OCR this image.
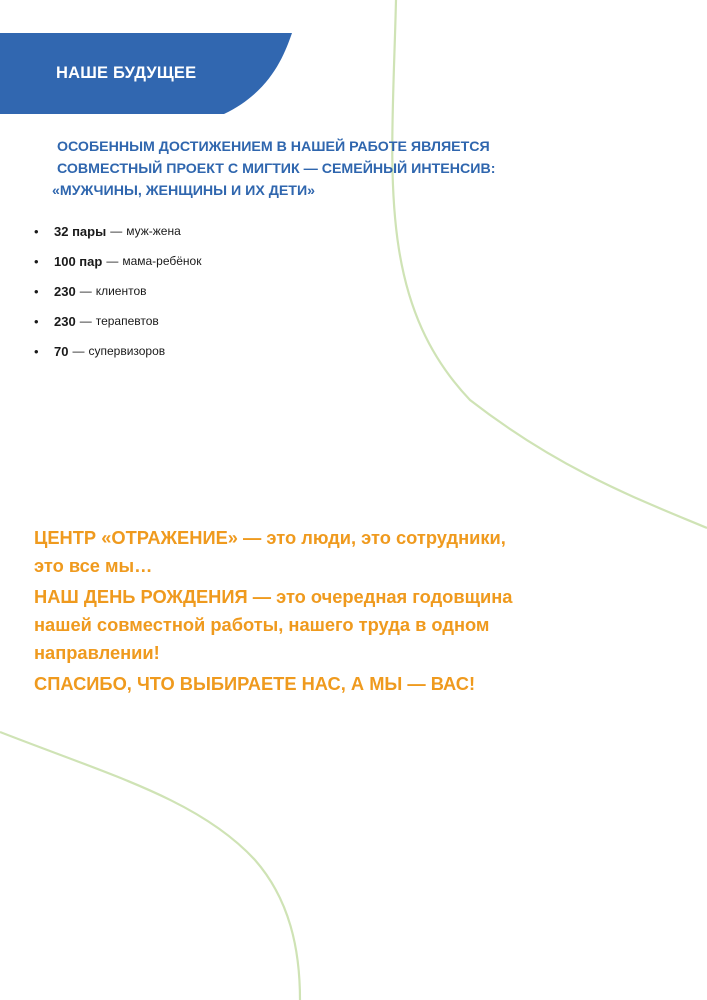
НАШЕ БУДУЩЕЕ
ОСОБЕННЫМ ДОСТИЖЕНИЕМ В НАШЕЙ РАБОТЕ ЯВЛЯЕТСЯ
СОВМЕСТНЫЙ ПРОЕКТ С МИГТИК — СЕМЕЙНЫЙ ИНТЕНСИВ:
«МУЖЧИНЫ, ЖЕНЩИНЫ И ИХ ДЕТИ»
•	32 пары — муж-жена
•	100 пар — мама-ребёнок
•	230 — клиентов
•	230 — терапевтов
•	70 — супервизоров
ЦЕНТР «ОТРАЖЕНИЕ» — это люди, это сотрудники,
это все мы…
НАШ ДЕНЬ РОЖДЕНИЯ — это очередная годовщина
нашей совместной работы, нашего труда в одном
направлении!
СПАСИБО, ЧТО ВЫБИРАЕТЕ НАС, А МЫ — ВАС!
